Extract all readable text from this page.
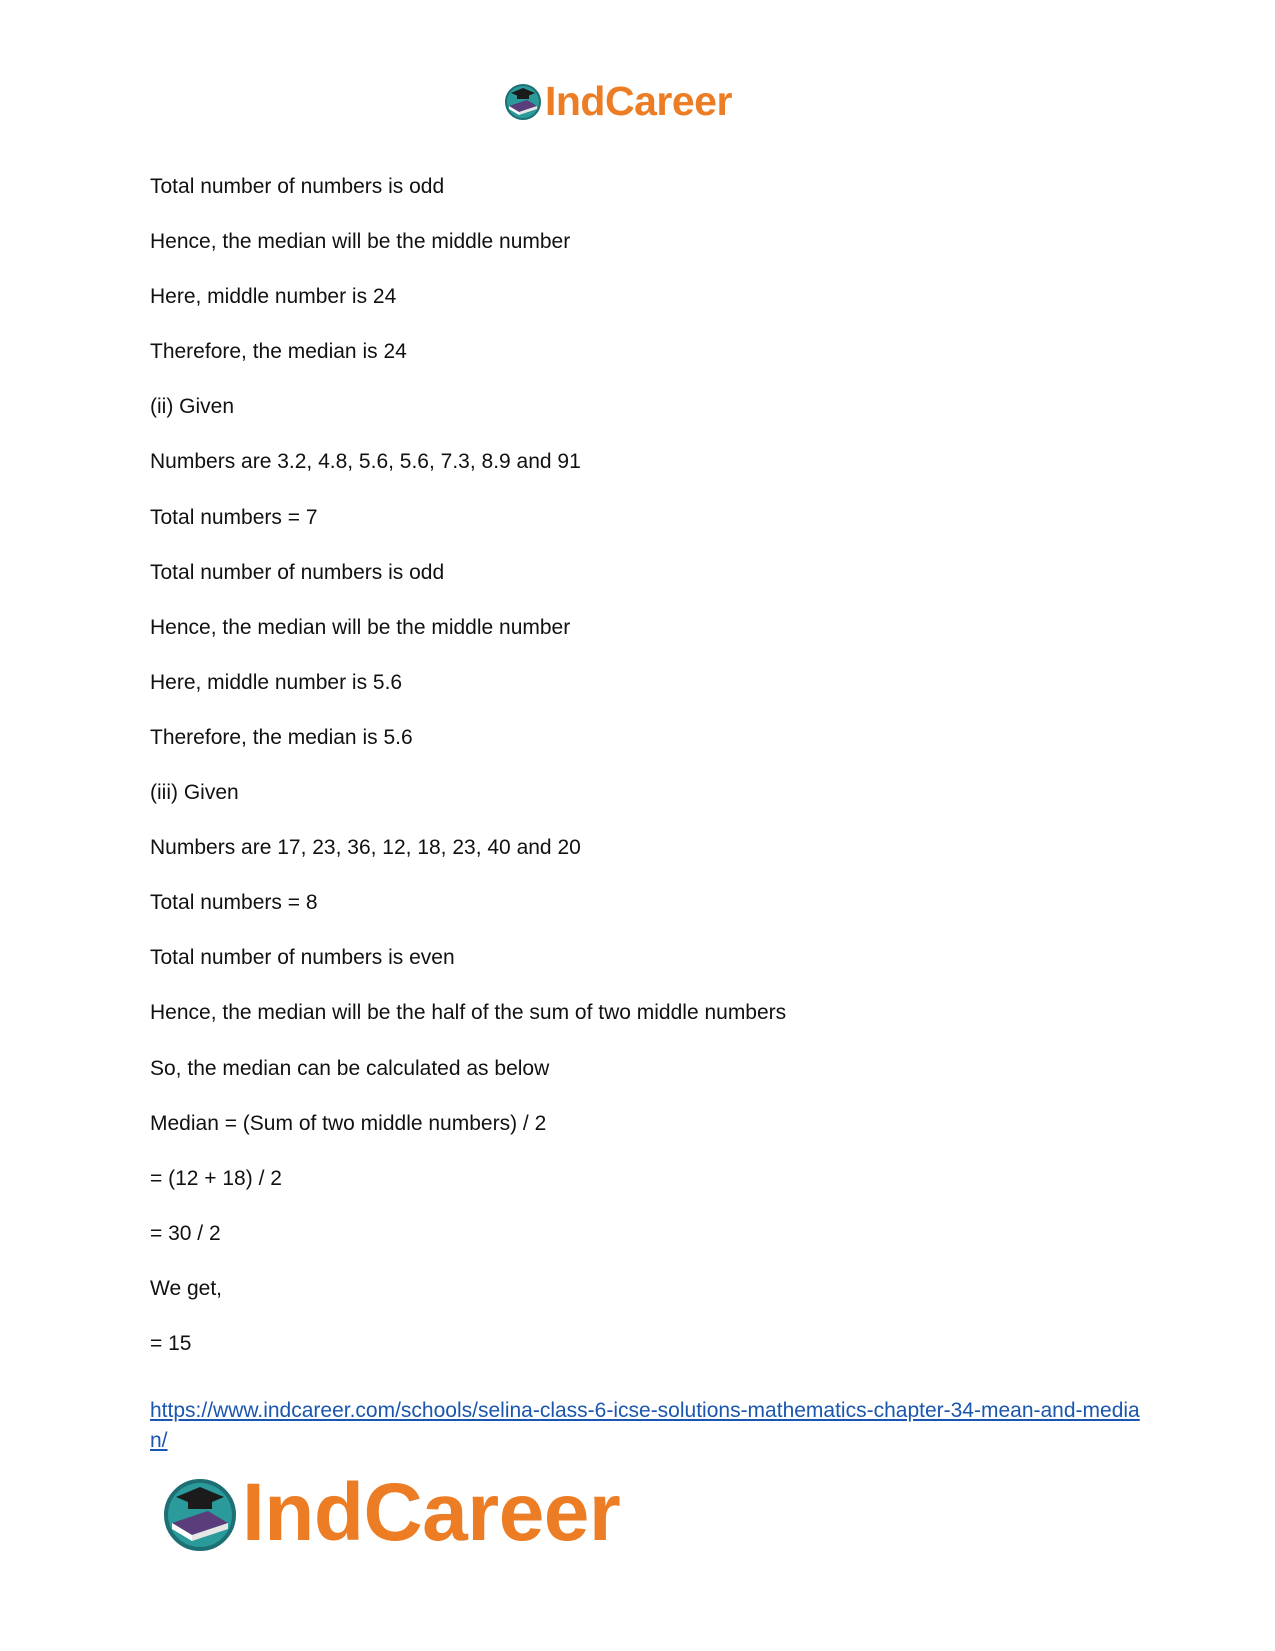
IndCareer
Total number of numbers is odd
Hence, the median will be the middle number
Here, middle number is 24
Therefore, the median is 24
(ii) Given
Numbers are 3.2, 4.8, 5.6, 5.6, 7.3, 8.9 and 91
Total numbers = 7
Total number of numbers is odd
Hence, the median will be the middle number
Here, middle number is 5.6
Therefore, the median is 5.6
(iii) Given
Numbers are 17, 23, 36, 12, 18, 23, 40 and 20
Total numbers = 8
Total number of numbers is even
Hence, the median will be the half of the sum of two middle numbers
So, the median can be calculated as below
Median = (Sum of two middle numbers) / 2
= (12 + 18) / 2
= 30 / 2
We get,
= 15
https://www.indcareer.com/schools/selina-class-6-icse-solutions-mathematics-chapter-34-mean-and-median/
IndCareer
